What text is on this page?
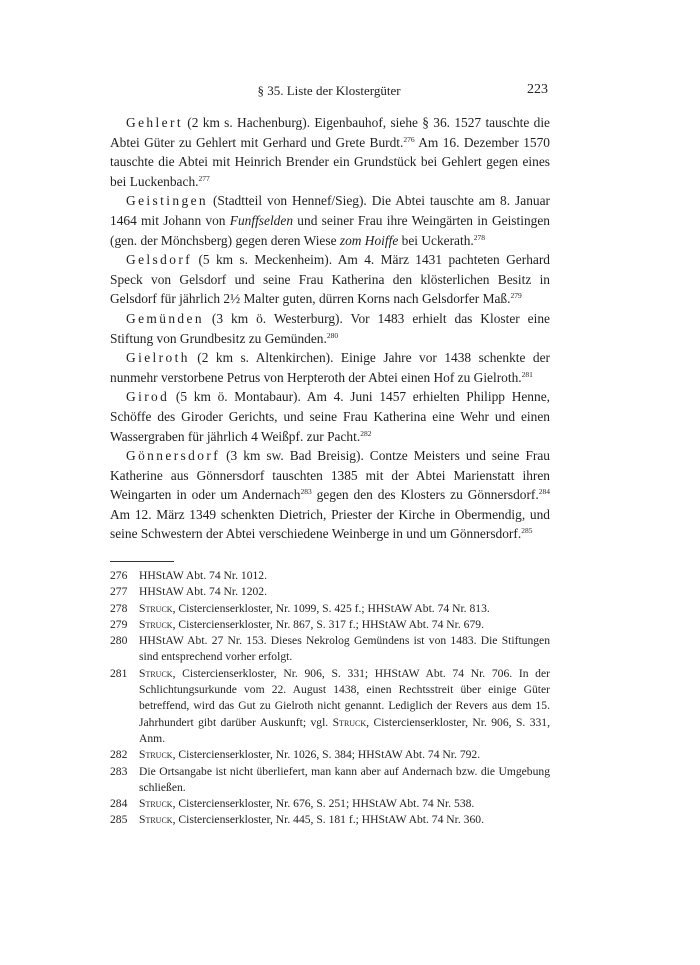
§ 35. Liste der Klostergüter	223

Gehlert (2 km s. Hachenburg). Eigenbauhof, siehe § 36. 1527 tauschte die Abtei Güter zu Gehlert mit Gerhard und Grete Burdt.$^{276}$ Am 16. Dezember 1570 tauschte die Abtei mit Heinrich Brender ein Grundstück bei Gehlert gegen eines bei Luckenbach.$^{277}$

Geistingen (Stadtteil von Hennef/Sieg). Die Abtei tauschte am 8. Januar 1464 mit Johann von Funffselden und seiner Frau ihre Weingärten in Geistingen (gen. der Mönchsberg) gegen deren Wiese zom Hoiffe bei Uckerath.$^{278}$

Gelsdorf (5 km s. Meckenheim). Am 4. März 1431 pachteten Gerhard Speck von Gelsdorf und seine Frau Katherina den klösterlichen Besitz in Gelsdorf für jährlich 2½ Malter guten, dürren Korns nach Gelsdorfer Maß.$^{279}$

Gemünden (3 km ö. Westerburg). Vor 1483 erhielt das Kloster eine Stiftung von Grundbesitz zu Gemünden.$^{280}$

Gielroth (2 km s. Altenkirchen). Einige Jahre vor 1438 schenkte der nunmehr verstorbene Petrus von Herpteroth der Abtei einen Hof zu Gielroth.$^{281}$

Girod (5 km ö. Montabaur). Am 4. Juni 1457 erhielten Philipp Henne, Schöffe des Giroder Gerichts, und seine Frau Katherina eine Wehr und einen Wassergraben für jährlich 4 Weißpf. zur Pacht.$^{282}$

Gönnersdorf (3 km sw. Bad Breisig). Contze Meisters und seine Frau Katherine aus Gönnersdorf tauschten 1385 mit der Abtei Marienstatt ihren Weingarten in oder um Andernach$^{283}$ gegen den des Klosters zu Gönnersdorf.$^{284}$ Am 12. März 1349 schenkten Dietrich, Priester der Kirche in Obermendig, und seine Schwestern der Abtei verschiedene Weinberge in und um Gönnersdorf.$^{285}$

276 HHStAW Abt. 74 Nr. 1012.
277 HHStAW Abt. 74 Nr. 1202.
278 Struck, Cistercienserkloster, Nr. 1099, S. 425 f.; HHStAW Abt. 74 Nr. 813.
279 Struck, Cistercienserkloster, Nr. 867, S. 317 f.; HHStAW Abt. 74 Nr. 679.
280 HHStAW Abt. 27 Nr. 153. Dieses Nekrolog Gemündens ist von 1483. Die Stiftungen sind entsprechend vorher erfolgt.
281 Struck, Cistercienserkloster, Nr. 906, S. 331; HHStAW Abt. 74 Nr. 706. In der Schlichtungsurkunde vom 22. August 1438, einen Rechtsstreit über einige Güter betreffend, wird das Gut zu Gielroth nicht genannt. Lediglich der Revers aus dem 15. Jahrhundert gibt darüber Auskunft; vgl. Struck, Cistercienserkloster, Nr. 906, S. 331, Anm.
282 Struck, Cistercienserkloster, Nr. 1026, S. 384; HHStAW Abt. 74 Nr. 792.
283 Die Ortsangabe ist nicht überliefert, man kann aber auf Andernach bzw. die Umgebung schließen.
284 Struck, Cistercienserkloster, Nr. 676, S. 251; HHStAW Abt. 74 Nr. 538.
285 Struck, Cistercienserkloster, Nr. 445, S. 181 f.; HHStAW Abt. 74 Nr. 360.
